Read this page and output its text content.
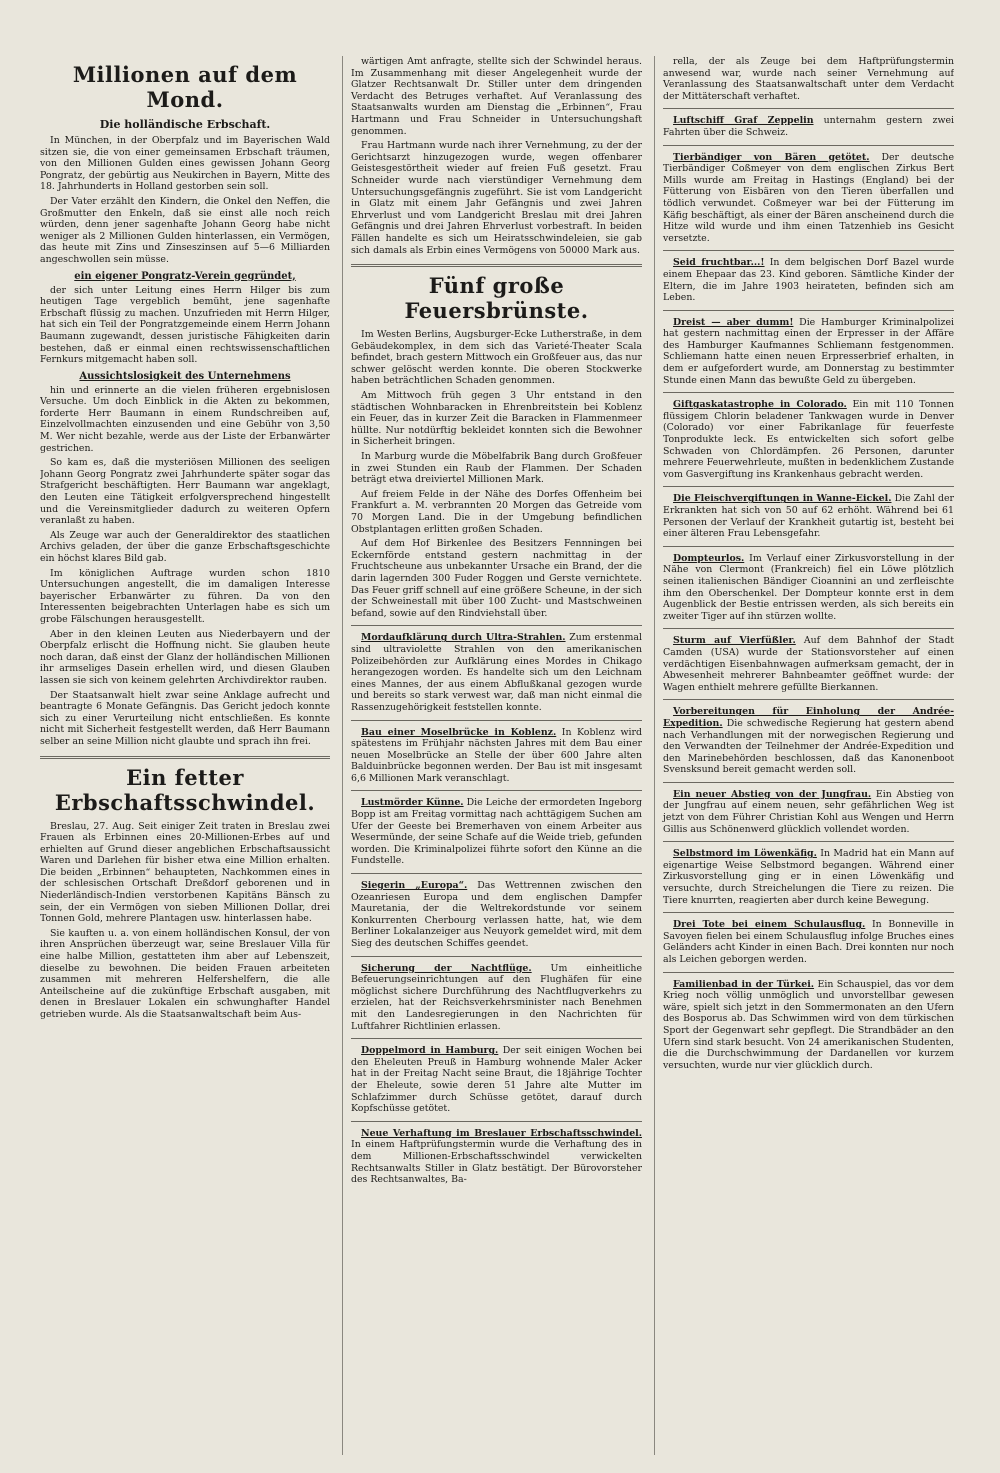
Millionen auf dem Mond.
Die holländische Erbschaft.

In München, in der Oberpfalz und im Bayerischen Wald sitzen sie, die von einer gemeinsamen Erbschaft träumen, von den Millionen Gulden eines gewissen Johann Georg Pongratz, der gebürtig aus Neukirchen in Bayern, Mitte des 18. Jahrhunderts in Holland gestorben sein soll.

Der Vater erzählt den Kindern, die Onkel den Neffen, die Großmutter den Enkeln, daß sie einst alle noch reich würden, denn jener sagenhafte Johann Georg habe nicht weniger als 2 Millionen Gulden hinterlassen, ein Vermögen, das heute mit Zins und Zinseszinsen auf 5—6 Milliarden angeschwollen sein müsse.

ein eigener Pongratz-Verein gegründet,

der sich unter Leitung eines Herrn Hilger bis zum heutigen Tage vergeblich bemüht, jene sagenhafte Erbschaft flüssig zu machen. Unzufrieden mit Herrn Hilger, hat sich ein Teil der Pongratzgemeinde einem Herrn Johann Baumann zugewandt, dessen juristische Fähigkeiten darin bestehen, daß er einmal einen rechtswissenschaftlichen Fernkurs mitgemacht haben soll.

Aussichtslosigkeit des Unternehmens

hin und erinnerte an die vielen früheren ergebnislosen Versuche. Um doch Einblick in die Akten zu bekommen, forderte Herr Baumann in einem Rundschreiben auf, Einzelvollmachten einzusenden und eine Gebühr von 3,50 M. Wer nicht bezahle, werde aus der Liste der Erbanwärter gestrichen.

So kam es, daß die mysteriösen Millionen des seeligen Johann Georg Pongratz zwei Jahrhunderte später sogar das Strafgericht beschäftigten. Herr Baumann war angeklagt, den Leuten eine Tätigkeit erfolgversprechend hingestellt und die Vereinsmitglieder dadurch zu weiteren Opfern veranlaßt zu haben.

Als Zeuge war auch der Generaldirektor des staatlichen Archivs geladen, der über die ganze Erbschaftsgeschichte ein höchst klares Bild gab.

Im königlichen Auftrage wurden schon 1810 Untersuchungen angestellt, die im damaligen Interesse bayerischer Erbanwärter zu führen. Da von den Interessenten beigebrachten Unterlagen habe es sich um grobe Fälschungen herausgestellt.

Aber in den kleinen Leuten aus Niederbayern und der Oberpfalz erlischt die Hoffnung nicht. Sie glauben heute noch daran, daß einst der Glanz der holländischen Millionen ihr armseliges Dasein erhellen wird, und diesen Glauben lassen sie sich von keinem gelehrten Archivdirektor rauben.

Der Staatsanwalt hielt zwar seine Anklage aufrecht und beantragte 6 Monate Gefängnis. Das Gericht jedoch konnte sich zu einer Verurteilung nicht entschließen. Es konnte nicht mit Sicherheit festgestellt werden, daß Herr Baumann selber an seine Million nicht glaubte und sprach ihn frei.

Ein fetter Erbschaftsschwindel.

Breslau, 27. Aug. Seit einiger Zeit traten in Breslau zwei Frauen als Erbinnen eines 20-Millionen-Erbes auf und erhielten auf Grund dieser angeblichen Erbschaftsaussicht Waren und Darlehen für bisher etwa eine Million erhalten. Die beiden „Erbinnen“ behaupteten, Nachkommen eines in der schlesischen Ortschaft Dreßdorf geborenen und in Niederländisch-Indien verstorbenen Kapitäns Bänsch zu sein, der ein Vermögen von sieben Millionen Dollar, drei Tonnen Gold, mehrere Plantagen usw. hinterlassen habe.

Sie kauften u. a. von einem holländischen Konsul, der von ihren Ansprüchen überzeugt war, seine Breslauer Villa für eine halbe Million, gestatteten ihm aber auf Lebenszeit, dieselbe zu bewohnen. Die beiden Frauen arbeiteten zusammen mit mehreren Helfershelfern, die alle Anteilscheine auf die zukünftige Erbschaft ausgaben, mit denen in Breslauer Lokalen ein schwunghafter Handel getrieben wurde. Als die Staatsanwaltschaft beim Aus-

wärtigen Amt anfragte, stellte sich der Schwindel heraus. Im Zusammenhang mit dieser Angelegenheit wurde der Glatzer Rechtsanwalt Dr. Stiller unter dem dringenden Verdacht des Betruges verhaftet. Auf Veranlassung des Staatsanwalts wurden am Dienstag die „Erbinnen“, Frau Hartmann und Frau Schneider in Untersuchungshaft genommen.

Frau Hartmann wurde nach ihrer Vernehmung, zu der der Gerichtsarzt hinzugezogen wurde, wegen offenbarer Geistesgestörtheit wieder auf freien Fuß gesetzt. Frau Schneider wurde nach vierstündiger Vernehmung dem Untersuchungsgefängnis zugeführt. Sie ist vom Landgericht in Glatz mit einem Jahr Gefängnis und zwei Jahren Ehrverlust und vom Landgericht Breslau mit drei Jahren Gefängnis und drei Jahren Ehrverlust vorbestraft. In beiden Fällen handelte es sich um Heiratsschwindeleien, sie gab sich damals als Erbin eines Vermögens von 50000 Mark aus.

Fünf große Feuersbrünste.

Im Westen Berlins, Augsburger-Ecke Lutherstraße, in dem Gebäudekomplex, in dem sich das Varieté-Theater Scala befindet, brach gestern Mittwoch ein Großfeuer aus, das nur schwer gelöscht werden konnte. Die oberen Stockwerke haben beträchtlichen Schaden genommen.

Am Mittwoch früh gegen 3 Uhr entstand in den städtischen Wohnbaracken in Ehrenbreitstein bei Koblenz ein Feuer, das in kurzer Zeit die Baracken in Flammenmeer hüllte. Nur notdürftig bekleidet konnten sich die Bewohner in Sicherheit bringen.

In Marburg wurde die Möbelfabrik Bang durch Großfeuer in zwei Stunden ein Raub der Flammen. Der Schaden beträgt etwa dreiviertel Millionen Mark.

Auf freiem Felde in der Nähe des Dorfes Offenheim bei Frankfurt a. M. verbrannten 20 Morgen das Getreide vom 70 Morgen Land. Die in der Umgebung befindlichen Obstplantagen erlitten großen Schaden.

Auf dem Hof Birkenlee des Besitzers Fennningen bei Eckernförde entstand gestern nachmittag in der Fruchtscheune aus unbekannter Ursache ein Brand, der die darin lagernden 300 Fuder Roggen und Gerste vernichtete. Das Feuer griff schnell auf eine größere Scheune, in der sich der Schweinestall mit über 100 Zucht- und Mastschweinen befand, sowie auf den Rindviehstall über.

Mordaufklärung durch Ultra-Strahlen. Zum erstenmal sind ultraviolette Strahlen von den amerikanischen Polizeibehörden zur Aufklärung eines Mordes in Chikago herangezogen worden. Es handelte sich um den Leichnam eines Mannes, der aus einem Abflußkanal gezogen wurde und bereits so stark verwest war, daß man nicht einmal die Rassenzugehörigkeit feststellen konnte.

Bau einer Moselbrücke in Koblenz. In Koblenz wird spätestens im Frühjahr nächsten Jahres mit dem Bau einer neuen Moselbrücke an Stelle der über 600 Jahre alten Balduinbrücke begonnen werden. Der Bau ist mit insgesamt 6,6 Millionen Mark veranschlagt.

Lustmörder Künne. Die Leiche der ermordeten Ingeborg Bopp ist am Freitag vormittag nach achttägigem Suchen am Ufer der Geeste bei Bremerhaven von einem Arbeiter aus Wesermünde, der seine Schafe auf die Weide trieb, gefunden worden. Die Kriminalpolizei führte sofort den Künne an die Fundstelle.

Siegerin „Europa“. Das Wettrennen zwischen den Ozeanriesen Europa und dem englischen Dampfer Mauretania, der die Weltrekordstunde vor seinem Konkurrenten Cherbourg verlassen hatte, hat, wie dem Berliner Lokalanzeiger aus Neuyork gemeldet wird, mit dem Sieg des deutschen Schiffes geendet.

Sicherung der Nachtflüge. Um einheitliche Befeuerungseinrichtungen auf den Flughäfen für eine möglichst sichere Durchführung des Nachtflugverkehrs zu erzielen, hat der Reichsverkehrsminister nach Benehmen mit den Landesregierungen in den Nachrichten für Luftfahrer Richtlinien erlassen.

Doppelmord in Hamburg. Der seit einigen Wochen bei den Eheleuten Preuß in Hamburg wohnende Maler Acker hat in der Freitag Nacht seine Braut, die 18jährige Tochter der Eheleute, sowie deren 51 Jahre alte Mutter im Schlafzimmer durch Schüsse getötet, darauf durch Kopfschüsse getötet.

Neue Verhaftung im Breslauer Erbschaftsschwindel. In einem Haftprüfungstermin wurde die Verhaftung des in dem Millionen-Erbschaftsschwindel verwickelten Rechtsanwalts Stiller in Glatz bestätigt. Der Bürovorsteher des Rechtsanwaltes, Ba-

rella, der als Zeuge bei dem Haftprüfungstermin anwesend war, wurde nach seiner Vernehmung auf Veranlassung des Staatsanwaltschaft unter dem Verdacht der Mittäterschaft verhaftet.

Luftschiff Graf Zeppelin unternahm gestern zwei Fahrten über die Schweiz.

Tierbändiger von Bären getötet. Der deutsche Tierbändiger Coßmeyer von dem englischen Zirkus Bert Mills wurde am Freitag in Hastings (England) bei der Fütterung von Eisbären von den Tieren überfallen und tödlich verwundet. Coßmeyer war bei der Fütterung im Käfig beschäftigt, als einer der Bären anscheinend durch die Hitze wild wurde und ihm einen Tatzenhieb ins Gesicht versetzte.

Seid fruchtbar...! In dem belgischen Dorf Bazel wurde einem Ehepaar das 23. Kind geboren. Sämtliche Kinder der Eltern, die im Jahre 1903 heirateten, befinden sich am Leben.

Dreist — aber dumm! Die Hamburger Kriminalpolizei hat gestern nachmittag einen der Erpresser in der Affäre des Hamburger Kaufmannes Schliemann festgenommen. Schliemann hatte einen neuen Erpresserbrief erhalten, in dem er aufgefordert wurde, am Donnerstag zu bestimmter Stunde einen Mann das bewußte Geld zu übergeben.

Giftgaskatastrophe in Colorado. Ein mit 110 Tonnen flüssigem Chlorin beladener Tankwagen wurde in Denver (Colorado) vor einer Fabrikanlage für feuerfeste Tonprodukte leck. Es entwickelten sich sofort gelbe Schwaden von Chlordämpfen. 26 Personen, darunter mehrere Feuerwehrleute, mußten in bedenklichem Zustande vom Gasvergiftung ins Krankenhaus gebracht werden.

Die Fleischvergiftungen in Wanne-Eickel. Die Zahl der Erkrankten hat sich von 50 auf 62 erhöht. Während bei 61 Personen der Verlauf der Krankheit gutartig ist, besteht bei einer älteren Frau Lebensgefahr.

Dompteurlos. Im Verlauf einer Zirkusvorstellung in der Nähe von Clermont (Frankreich) fiel ein Löwe plötzlich seinen italienischen Bändiger Cioannini an und zerfleischte ihm den Oberschenkel. Der Dompteur konnte erst in dem Augenblick der Bestie entrissen werden, als sich bereits ein zweiter Tiger auf ihn stürzen wollte.

Sturm auf Vierfüßler. Auf dem Bahnhof der Stadt Camden (USA) wurde der Stationsvorsteher auf einen verdächtigen Eisenbahnwagen aufmerksam gemacht, der in Abwesenheit mehrerer Bahnbeamter geöffnet wurde: der Wagen enthielt mehrere gefüllte Bierkannen.

Vorbereitungen für Einholung der Andrée-Expedition. Die schwedische Regierung hat gestern abend nach Verhandlungen mit der norwegischen Regierung und den Verwandten der Teilnehmer der Andrée-Expedition und den Marinebehörden beschlossen, daß das Kanonenboot Svensksund bereit gemacht werden soll.

Ein neuer Abstieg von der Jungfrau. Ein Abstieg von der Jungfrau auf einem neuen, sehr gefährlichen Weg ist jetzt von dem Führer Christian Kohl aus Wengen und Herrn Gillis aus Schönenwerd glücklich vollendet worden.

Selbstmord im Löwenkäfig. In Madrid hat ein Mann auf eigenartige Weise Selbstmord begangen. Während einer Zirkusvorstellung ging er in einen Löwenkäfig und versuchte, durch Streichelungen die Tiere zu reizen. Die Tiere knurrten, reagierten aber durch keine Bewegung.

Drei Tote bei einem Schulausflug. In Bonneville in Savoyen fielen bei einem Schulausflug infolge Bruches eines Geländers acht Kinder in einen Bach. Drei konnten nur noch als Leichen geborgen werden.

Familienbad in der Türkei. Ein Schauspiel, das vor dem Krieg noch völlig unmöglich und unvorstellbar gewesen wäre, spielt sich jetzt in den Sommermonaten an den Ufern des Bosporus ab. Das Schwimmen wird von dem türkischen Sport der Gegenwart sehr gepflegt. Die Strandbäder an den Ufern sind stark besucht. Von 24 amerikanischen Studenten, die die Durchschwimmung der Dardanellen vor kurzem versuchten, wurde nur vier glücklich durch.
